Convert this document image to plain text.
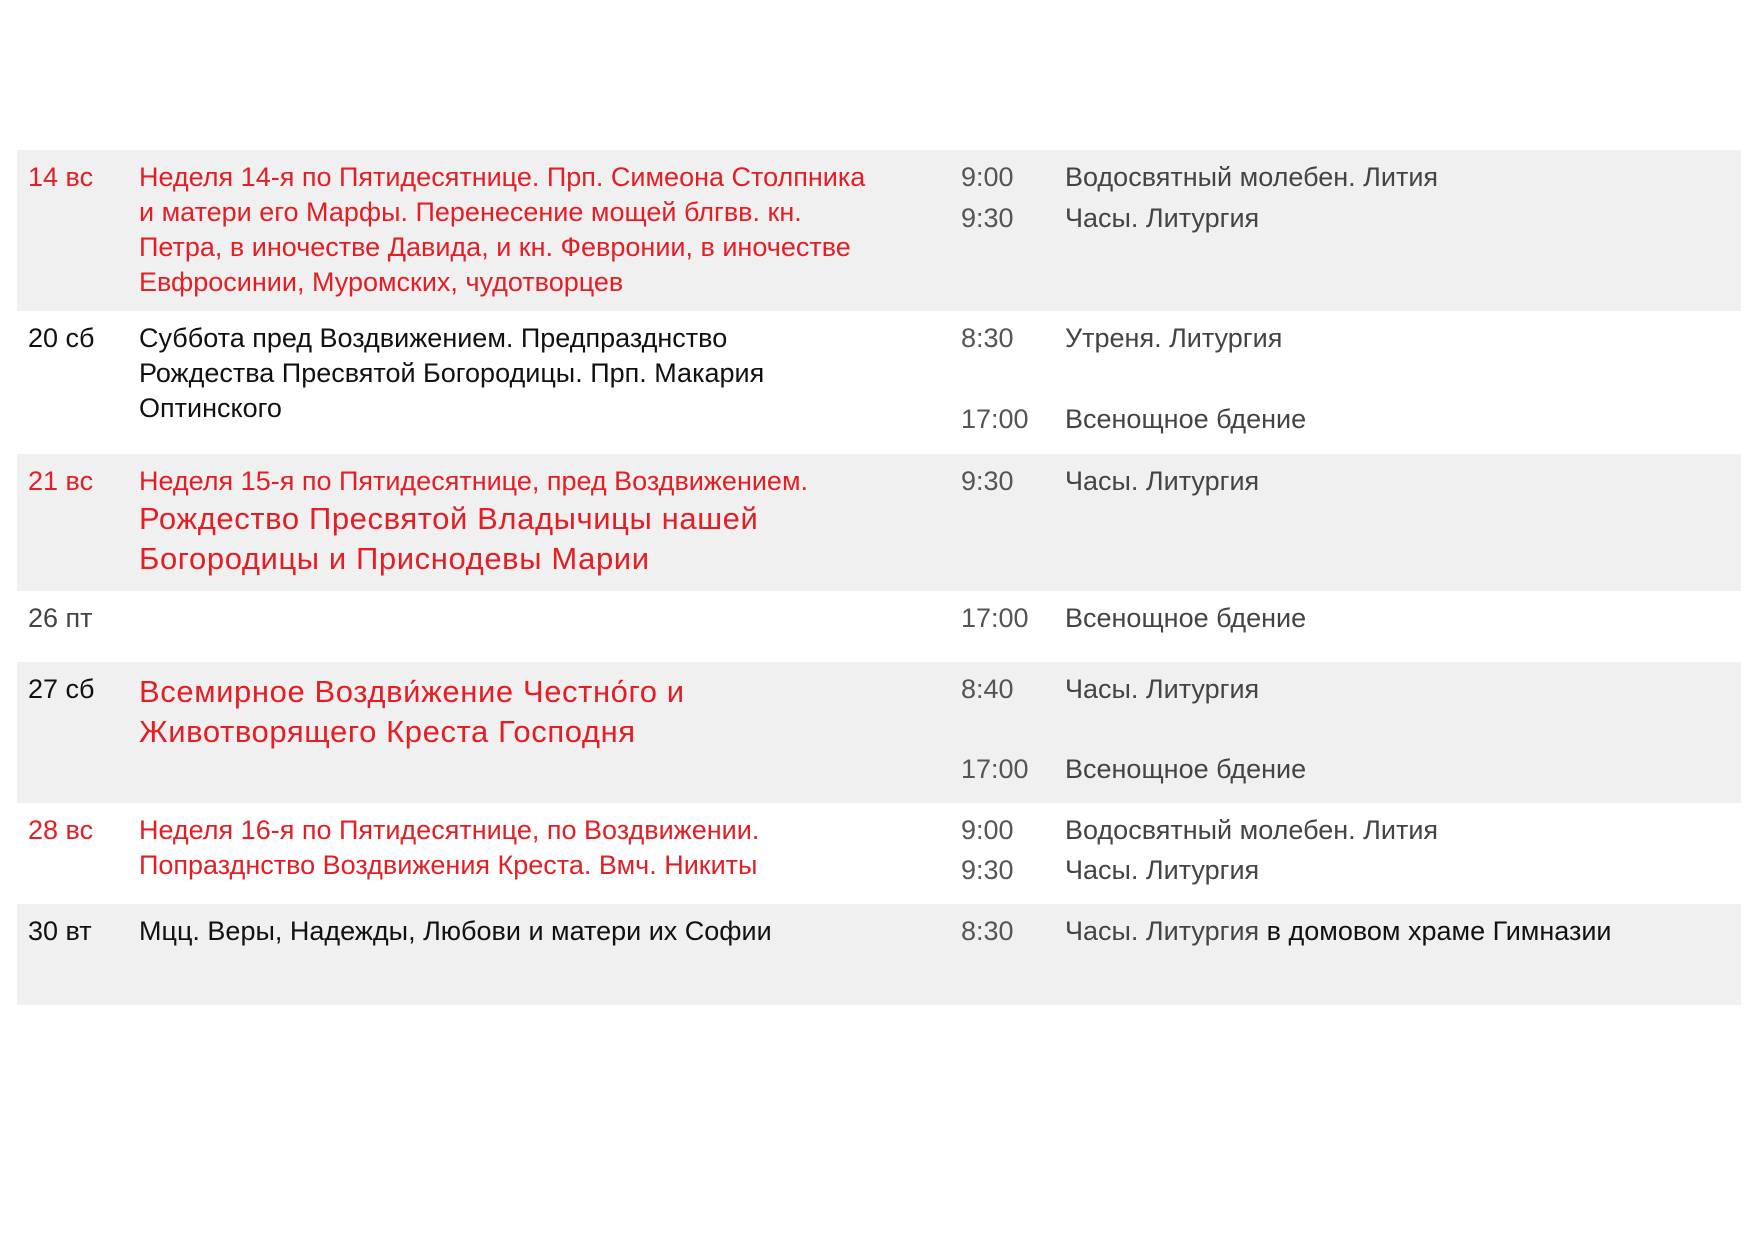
14 вс Неделя 14-я по Пятидесятнице. Прп. Симеона Столпника
и матери его Марфы. Перенесение мощей блгвв. кн.
Петра, в иночестве Давида, и кн. Февронии, в иночестве
Евфросинии, Муромских, чудотворцев
9:00 Водосвятный молебен. Лития
9:30 Часы. Литургия
20 сб Суббота пред Воздвижением. Предпразднство
Рождества Пресвятой Богородицы. Прп. Макария
Оптинского
8:30 Утреня. Литургия
17:00 Всенощное бдение
21 вс Неделя 15-я по Пятидесятнице, пред Воздвижением.
Рождество Пресвятой Владычицы нашей
Богородицы и Приснодевы Марии
9:30 Часы. Литургия
26 пт	17:00 Всенощное бдение
27 сб Всемирное Воздви́жение Честно́го и
Животворящего Креста Господня
8:40 Часы. Литургия
17:00 Всенощное бдение
28 вс Неделя 16-я по Пятидесятнице, по Воздвижении.
Попразднство Воздвижения Креста. Вмч. Никиты
9:00 Водосвятный молебен. Лития
9:30 Часы. Литургия
30 вт Мцц. Веры, Надежды, Любови и матери их Софии	8:30 Часы. Литургия в домовом храме Гимназии
